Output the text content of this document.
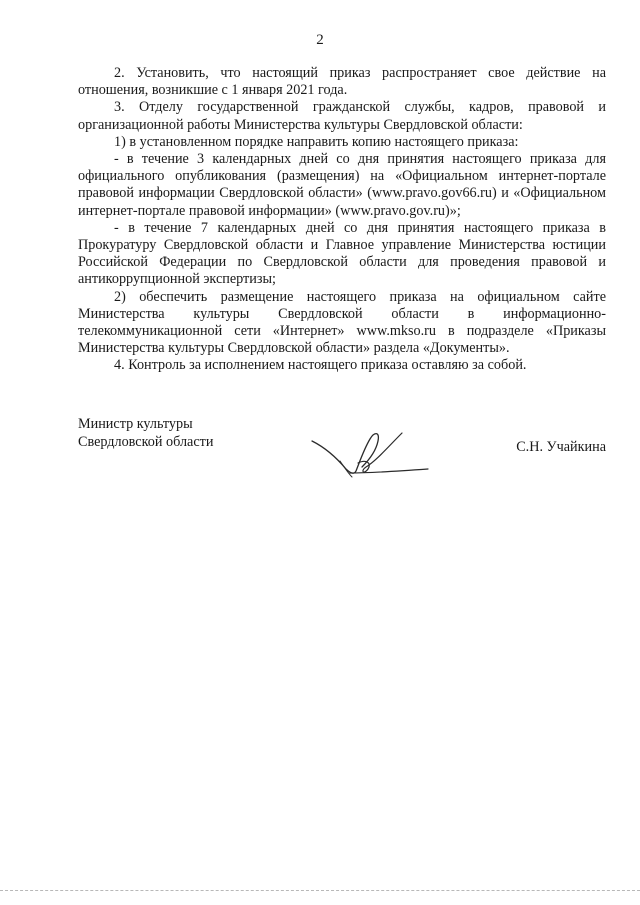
2

2. Установить, что настоящий приказ распространяет свое действие на отношения, возникшие с 1 января 2021 года.

3. Отделу государственной гражданской службы, кадров, правовой и организационной работы Министерства культуры Свердловской области:

1) в установленном порядке направить копию настоящего приказа:

- в течение 3 календарных дней со дня принятия настоящего приказа для официального опубликования (размещения) на «Официальном интернет-портале правовой информации Свердловской области» (www.pravo.gov66.ru) и «Официальном интернет-портале правовой информации» (www.pravo.gov.ru)»;

- в течение 7 календарных дней со дня принятия настоящего приказа в Прокуратуру Свердловской области и Главное управление Министерства юстиции Российской Федерации по Свердловской области для проведения правовой и антикоррупционной экспертизы;

2) обеспечить размещение настоящего приказа на официальном сайте Министерства культуры Свердловской области в информационно-телекоммуникационной сети «Интернет» www.mkso.ru в подразделе «Приказы Министерства культуры Свердловской области» раздела «Документы».

4. Контроль за исполнением настоящего приказа оставляю за собой.

Министр культуры
Свердловской области	С.Н. Учайкина
